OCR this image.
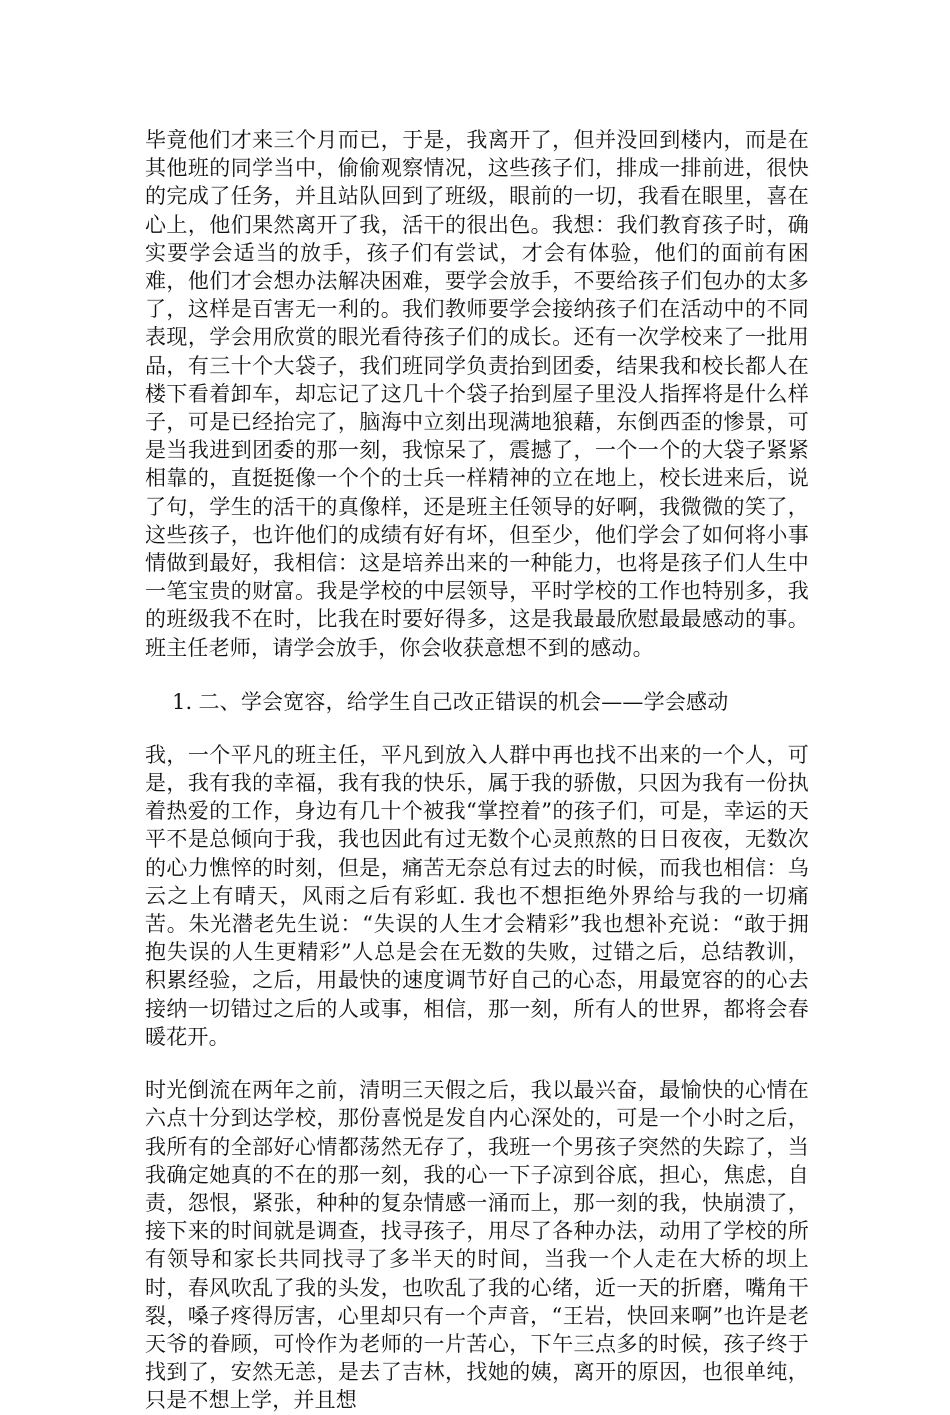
毕竟他们才来三个月而已，于是，我离开了，但并没回到楼内，而是在其他班的同学当中，偷偷观察情况，这些孩子们，排成一排前进，很快的完成了任务，并且站队回到了班级，眼前的一切，我看在眼里，喜在心上，他们果然离开了我，活干的很出色。我想：我们教育孩子时，确实要学会适当的放手，孩子们有尝试，才会有体验，他们的面前有困难，他们才会想办法解决困难，要学会放手，不要给孩子们包办的太多了，这样是百害无一利的。我们教师要学会接纳孩子们在活动中的不同表现，学会用欣赏的眼光看待孩子们的成长。还有一次学校来了一批用品，有三十个大袋子，我们班同学负责抬到团委，结果我和校长都人在楼下看着卸车，却忘记了这几十个袋子抬到屋子里没人指挥将是什么样子，可是已经抬完了，脑海中立刻出现满地狼藉，东倒西歪的惨景，可是当我进到团委的那一刻，我惊呆了，震撼了，一个一个的大袋子紧紧相靠的，直挺挺像一个个的士兵一样精神的立在地上，校长进来后，说了句，学生的活干的真像样，还是班主任领导的好啊，我微微的笑了，这些孩子，也许他们的成绩有好有坏，但至少，他们学会了如何将小事情做到最好，我相信：这是培养出来的一种能力，也将是孩子们人生中一笔宝贵的财富。我是学校的中层领导，平时学校的工作也特别多，我的班级我不在时，比我在时要好得多，这是我最最欣慰最最感动的事。班主任老师，请学会放手，你会收获意想不到的感动。

1. 二、学会宽容，给学生自己改正错误的机会——学会感动

我，一个平凡的班主任，平凡到放入人群中再也找不出来的一个人，可是，我有我的幸福，我有我的快乐，属于我的骄傲，只因为我有一份执着热爱的工作，身边有几十个被我“掌控着”的孩子们，可是，幸运的天平不是总倾向于我，我也因此有过无数个心灵煎熬的日日夜夜，无数次的心力憔悴的时刻，但是，痛苦无奈总有过去的时候，而我也相信：乌云之上有晴天，风雨之后有彩虹. 我也不想拒绝外界给与我的一切痛苦。朱光潜老先生说：“失误的人生才会精彩”我也想补充说：“敢于拥抱失误的人生更精彩”人总是会在无数的失败，过错之后，总结教训，积累经验，之后，用最快的速度调节好自己的心态，用最宽容的的心去接纳一切错过之后的人或事，相信，那一刻，所有人的世界，都将会春暖花开。

时光倒流在两年之前，清明三天假之后，我以最兴奋，最愉快的心情在六点十分到达学校，那份喜悦是发自内心深处的，可是一个小时之后，我所有的全部好心情都荡然无存了，我班一个男孩子突然的失踪了，当我确定她真的不在的那一刻，我的心一下子凉到谷底，担心，焦虑，自责，怨恨，紧张，种种的复杂情感一涌而上，那一刻的我，快崩溃了，接下来的时间就是调查，找寻孩子，用尽了各种办法，动用了学校的所有领导和家长共同找寻了多半天的时间，当我一个人走在大桥的坝上时，春风吹乱了我的头发，也吹乱了我的心绪，近一天的折磨，嘴角干裂，嗓子疼得厉害，心里却只有一个声音，“王岩，快回来啊”也许是老天爷的眷顾，可怜作为老师的一片苦心，下午三点多的时候，孩子终于找到了，安然无恙，是去了吉林，找她的姨，离开的原因，也很单纯，只是不想上学，并且想
